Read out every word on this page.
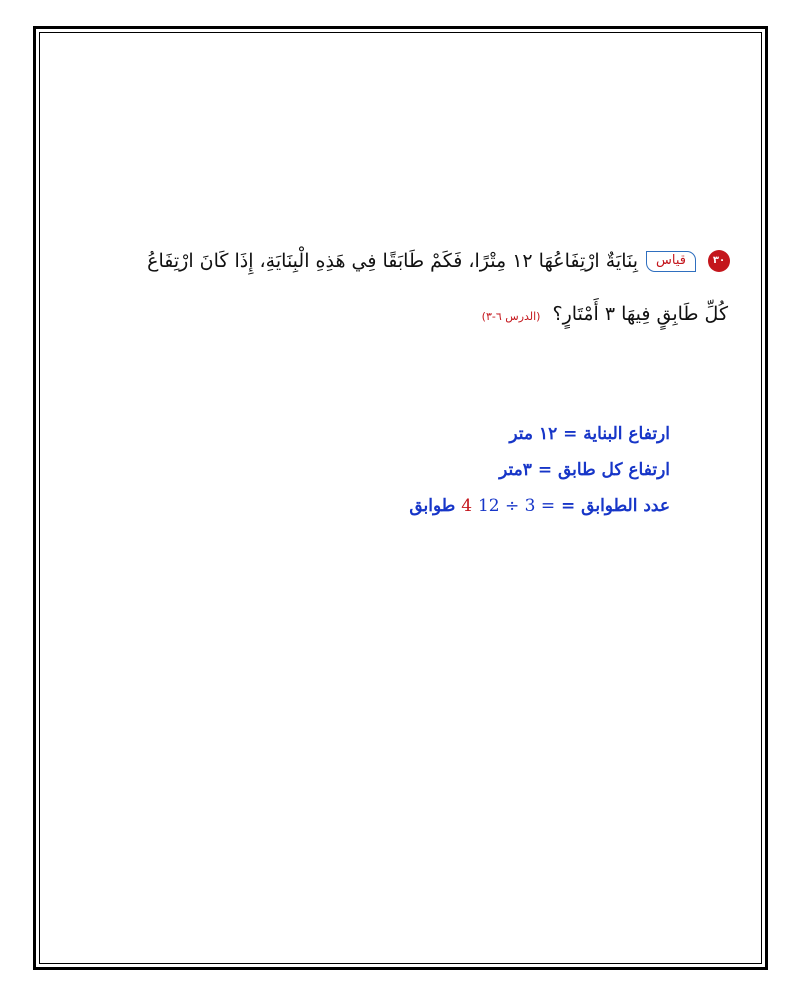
٣٠
قياس
بِنَايَةٌ ارْتِفَاعُهَا ١٢ مِتْرًا، فَكَمْ طَابَقًا فِي هَذِهِ الْبِنَايَةِ، إِذَا كَانَ ارْتِفَاعُ
كُلِّ طَابِقٍ فِيهَا ٣ أَمْتَارٍ؟ (الدرس ٦-٣)
ارتفاع البناية = ١٢ متر
ارتفاع كل طابق = ٣متر
عدد الطوابق = 12 ÷ 3 = 4 طوابق
